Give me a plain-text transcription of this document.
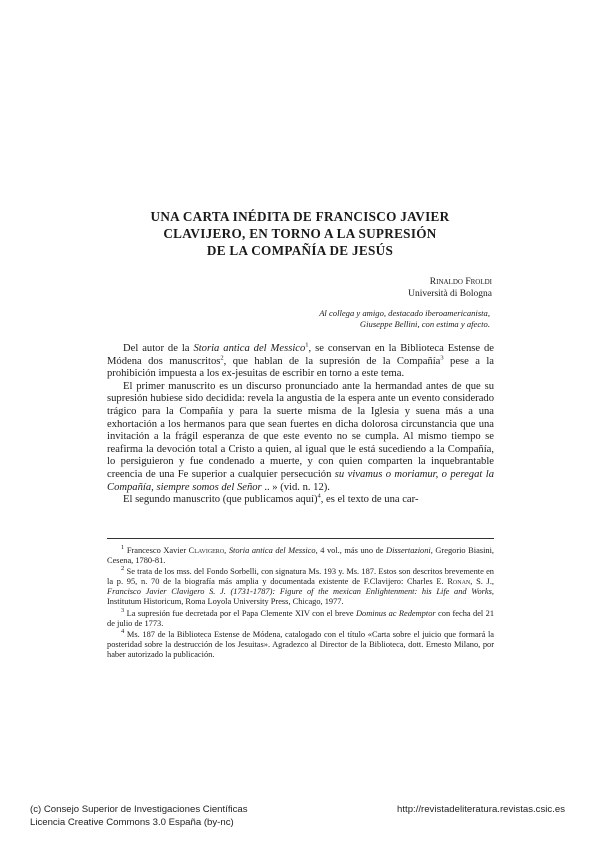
UNA CARTA INÉDITA DE FRANCISCO JAVIER
CLAVIJERO, EN TORNO A LA SUPRESIÓN
DE LA COMPAÑÍA DE JESÚS
Rinaldo Froldi
Università di Bologna
Al collega y amigo, destacado iberoamericanista,
Giuseppe Bellini, con estima y afecto.

Del autor de la Storia antica del Messico$^1$, se conservan en la Biblioteca Estense de Módena dos manuscritos$^2$, que hablan de la supresión de la Compañía$^3$ pese a la prohibición impuesta a los ex-jesuitas de escribir en torno a este tema.

El primer manuscrito es un discurso pronunciado ante la hermandad antes de que su supresión hubiese sido decidida: revela la angustia de la espera ante un evento considerado trágico para la Compañía y para la suerte misma de la Iglesia y suena más a una exhortación a los hermanos para que sean fuertes en dicha dolorosa circunstancia que una invitación a la frágil esperanza de que este evento no se cumpla. Al mismo tiempo se reafirma la devoción total a Cristo a quien, al igual que le está sucediendo a la Compañía, lo persiguieron y fue condenado a muerte, y con quien comparten la inquebrantable creencia de una Fe superior a cualquier persecución su vivamus o moriamur, o peregat la Compañía, siempre somos del Señor .. » (vid. n. 12).

El segundo manuscrito (que publicamos aquí)$^4$, es el texto de una car-

$^1$ Francesco Xavier Clavigero, Storia antica del Messico, 4 vol., más uno de Dissertazioni, Gregorio Biasini, Cesena, 1780-81.

$^2$ Se trata de los mss. del Fondo Sorbelli, con signatura Ms. 193 y. Ms. 187. Estos son descritos brevemente en la p. 95, n. 70 de la biografía más amplia y documentada existente de F.Clavijero: Charles E. Ronan, S. J., Francisco Javier Clavigero S. J. (1731-1787): Figure of the mexican Enlightenment: his Life and Works, Institutum Historicum, Roma Loyola University Press, Chicago, 1977.

$^3$ La supresión fue decretada por el Papa Clemente XIV con el breve Dominus ac Redemptor con fecha del 21 de julio de 1773.

$^4$ Ms. 187 de la Biblioteca Estense de Módena, catalogado con el título «Carta sobre el juicio que formará la posteridad sobre la destrucción de los Jesuitas». Agradezco al Director de la Biblioteca, dott. Ernesto Milano, por haber autorizado la publicación.

(c) Consejo Superior de Investigaciones Científicas	http://revistadeliteratura.revistas.csic.es
Licencia Creative Commons 3.0 España (by-nc)
